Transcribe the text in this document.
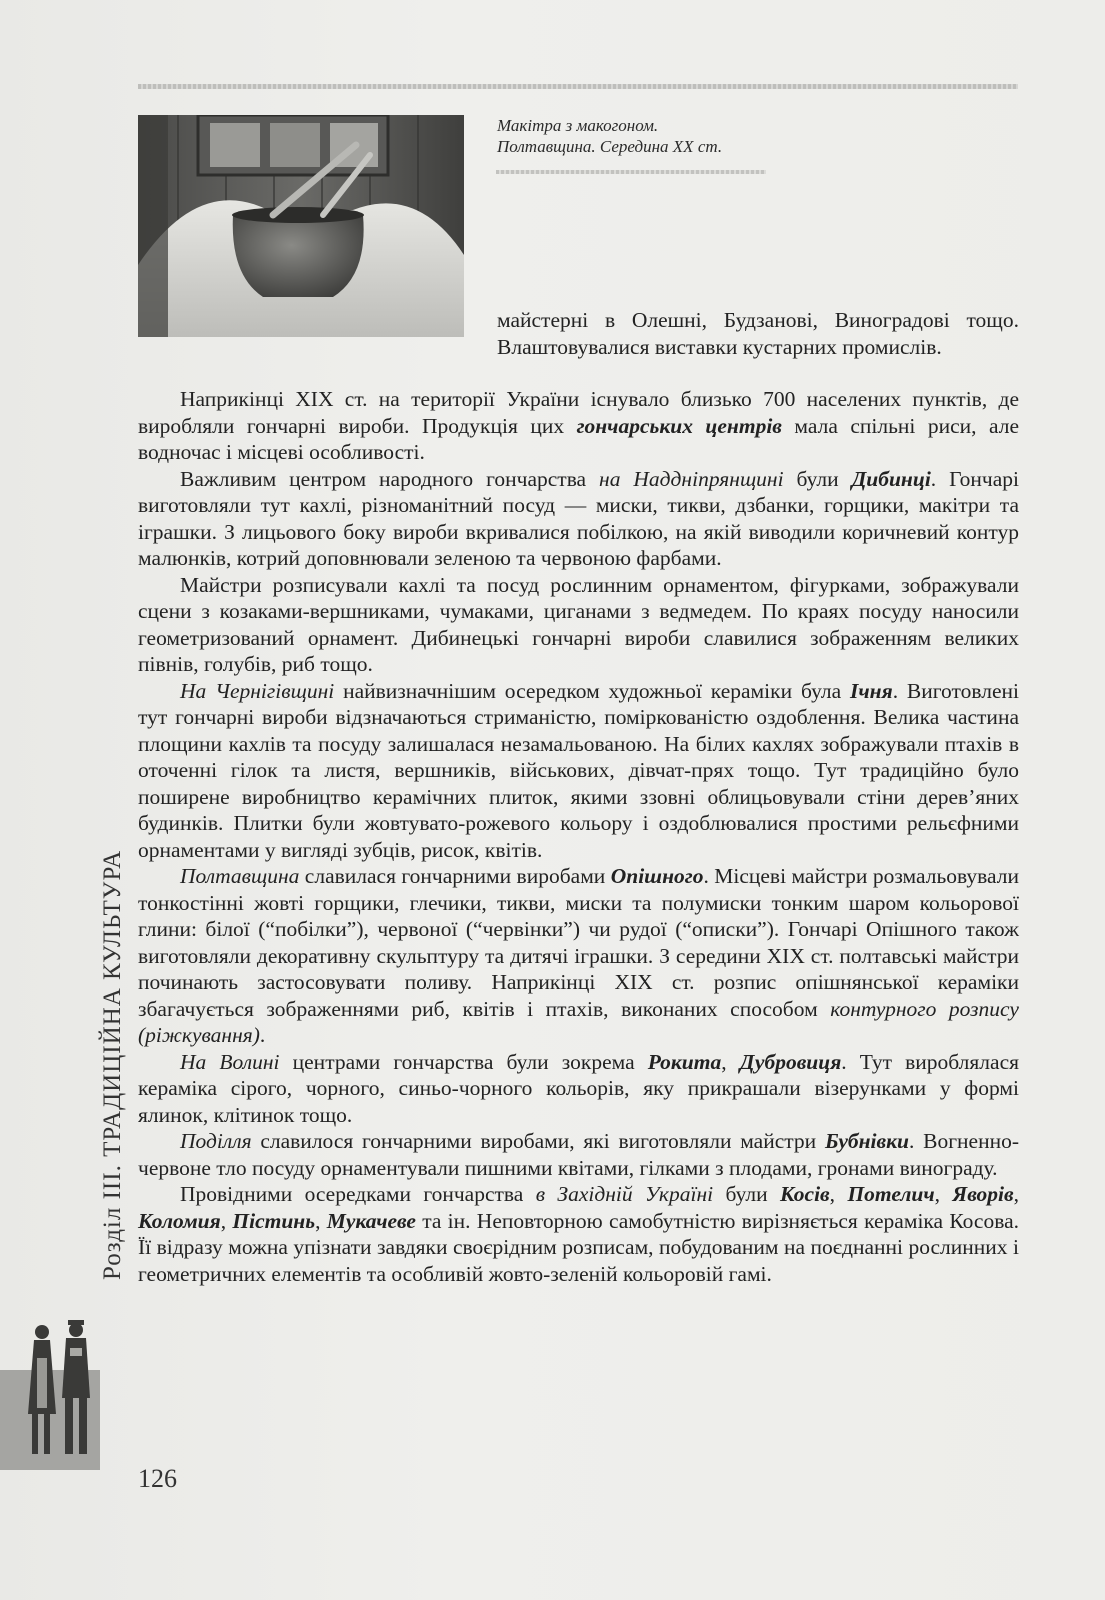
Макітра з макогоном.
Полтавщина. Середина XX ст.

майстерні в Олешні, Будзанові, Виноградові тощо. Влаштовувалися виставки кустарних промислів.

Наприкінці XIX ст. на території України існувало близько 700 населених пунктів, де виробляли гончарні вироби. Продукція цих гончарських центрів мала спільні риси, але водночас і місцеві особливості.

Важливим центром народного гончарства на Наддніпрянщині були Дибинці. Гончарі виготовляли тут кахлі, різноманітний посуд — миски, тикви, дзбанки, горщики, макітри та іграшки. З лицьового боку вироби вкривалися побілкою, на якій виводили коричневий контур малюнків, котрий доповнювали зеленою та червоною фарбами.

Майстри розписували кахлі та посуд рослинним орнаментом, фігурками, зображували сцени з козаками-вершниками, чумаками, циганами з ведмедем. По краях посуду наносили геометризований орнамент. Дибинецькі гончарні вироби славилися зображенням великих півнів, голубів, риб тощо.

На Чернігівщині найвизначнішим осередком художньої кераміки була Ічня. Виготовлені тут гончарні вироби відзначаються стриманістю, поміркованістю оздоблення. Велика частина площини кахлів та посуду залишалася незамальованою. На білих кахлях зображували птахів в оточенні гілок та листя, вершників, військових, дівчат-прях тощо. Тут традиційно було поширене виробництво керамічних плиток, якими ззовні облицьовували стіни дерев’яних будинків. Плитки були жовтувато-рожевого кольору і оздоблювалися простими рельєфними орнаментами у вигляді зубців, рисок, квітів.

Полтавщина славилася гончарними виробами Опішного. Місцеві майстри розмальовували тонкостінні жовті горщики, глечики, тикви, миски та полумиски тонким шаром кольорової глини: білої (“побілки”), червоної (“червінки”) чи рудої (“описки”). Гончарі Опішного також виготовляли декоративну скульптуру та дитячі іграшки. З середини XIX ст. полтавські майстри починають застосовувати поливу. Наприкінці XIX ст. розпис опішнянської кераміки збагачується зображеннями риб, квітів і птахів, виконаних способом контурного розпису (ріжкування).

На Волині центрами гончарства були зокрема Рокита, Дубровиця. Тут вироблялася кераміка сірого, чорного, синьо-чорного кольорів, яку прикрашали візерунками у формі ялинок, клітинок тощо.

Поділля славилося гончарними виробами, які виготовляли майстри Бубнівки. Вогненно-червоне тло посуду орнаментували пишними квітами, гілками з плодами, гронами винограду.

Провідними осередками гончарства в Західній Україні були Косів, Потелич, Яворів, Коломия, Пістинь, Мукачеве та ін. Неповторною самобутністю вирізняється кераміка Косова. Її відразу можна упізнати завдяки своєрідним розписам, побудованим на поєднанні рослинних і геометричних елементів та особливій жовто-зеленій кольоровій гамі.

Розділ III. ТРАДИЦІЙНА КУЛЬТУРА
126
